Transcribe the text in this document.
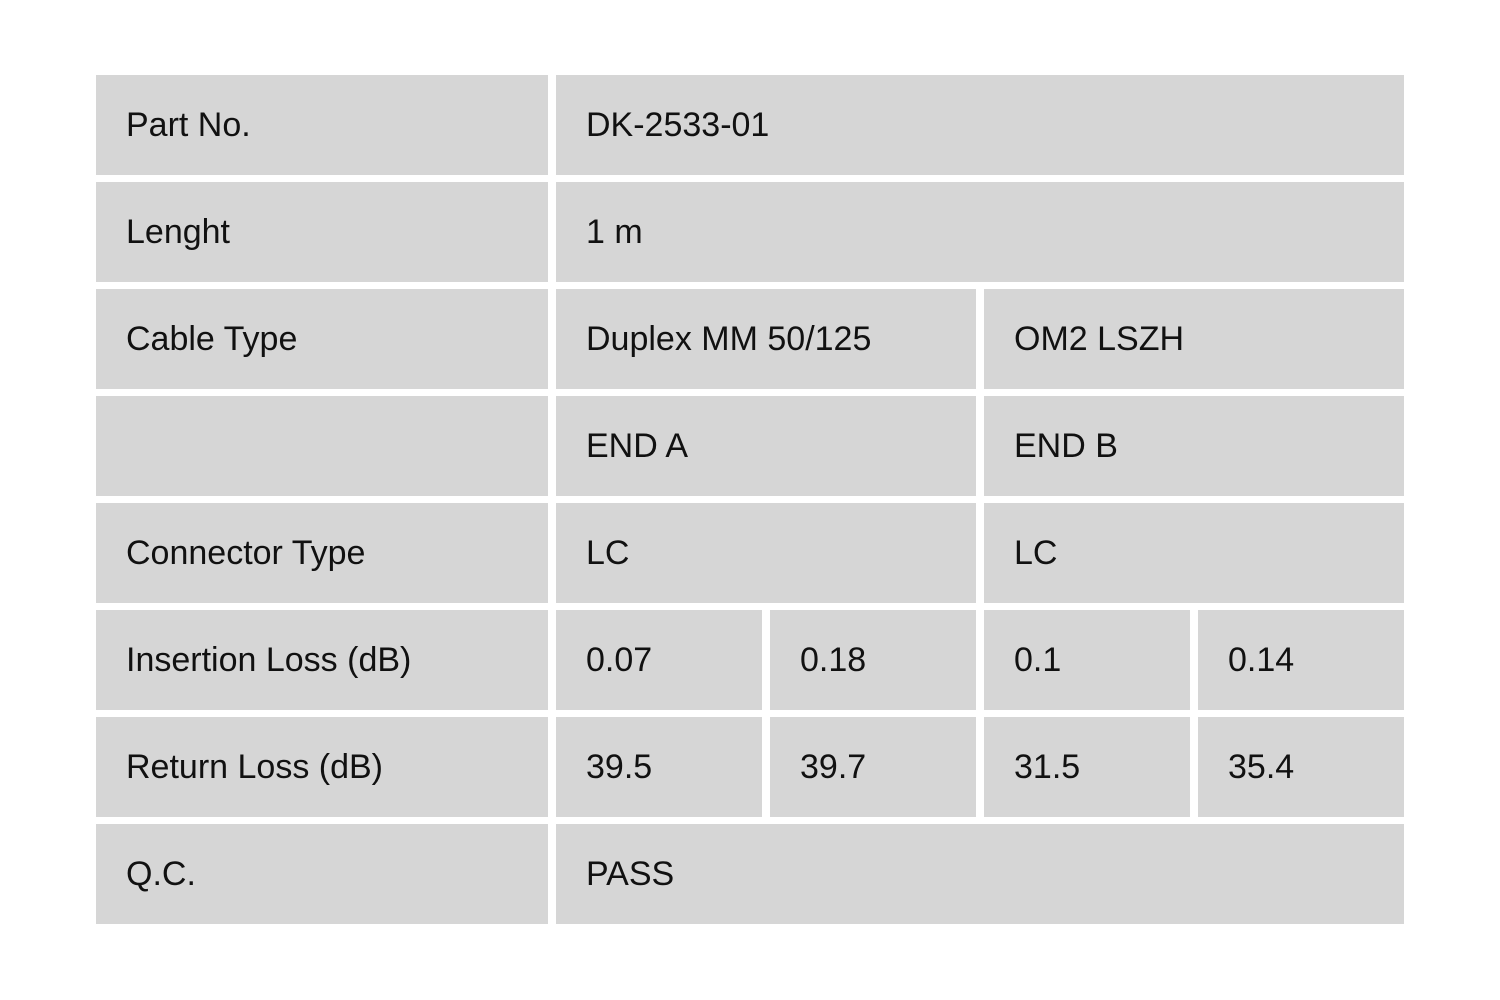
Part No.	DK-2533-01			
Lenght	1 m			
Cable Type	Duplex MM 50/125		OM2 LSZH	
	END A		END B	
Connector Type	LC		LC	
Insertion Loss (dB)	0.07	0.18	0.1	0.14
Return Loss (dB)	39.5	39.7	31.5	35.4
Q.C.	PASS			
